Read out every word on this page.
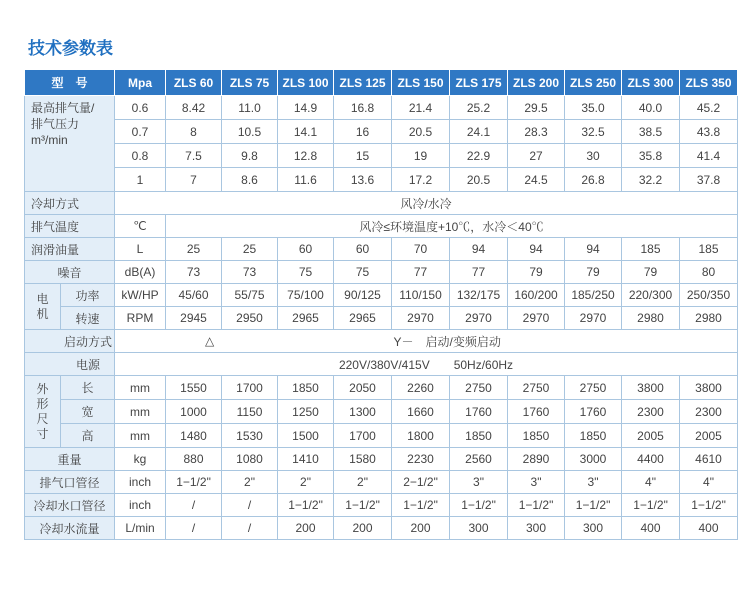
技术参数表
型　号		Mpa	ZLS 60	ZLS 75	ZLS 100	ZLS 125	ZLS 150	ZLS 175	ZLS 200	ZLS 250	ZLS 300	ZLS 350

最高排气量/
排气压力
m³/min		0.6	8.42	11.0	14.9	16.8	21.4	25.2	29.5	35.0	40.0	45.2
		0.7	8	10.5	14.1	16	20.5	24.1	28.3	32.5	38.5	43.8
		0.8	7.5	9.8	12.8	15	19	22.9	27	30	35.8	41.4
		1	7	8.6	11.6	13.6	17.2	20.5	24.5	26.8	32.2	37.8
冷却方式		风冷/水冷										
排气温度		℃	风冷≤环境温度+10℃，水冷＜40℃									
润滑油量		L	25	25	60	60	70	94	94	94	185	185
噪音		dB(A)	73	73	75	75	77	77	79	79	79	80

电
机	功率	kW/HP	45/60	55/75	75/100	90/125	110/150	132/175	160/200	185/250	220/300	250/350
	转速	RPM	2945	2950	2965	2965	2970	2970	2970	2970	2980	2980
启动方式		△					Y－　启动/变频启动					
电源		220V/380V/415V　　50Hz/60Hz										

外
形
尺
寸	长	mm	1550	1700	1850	2050	2260	2750	2750	2750	3800	3800
	宽	mm	1000	1150	1250	1300	1660	1760	1760	1760	2300	2300
	高	mm	1480	1530	1500	1700	1800	1850	1850	1850	2005	2005
重量		kg	880	1080	1410	1580	2230	2560	2890	3000	4400	4610
排气口管径		inch	1−1/2"	2"	2"	2"	2−1/2"	3"	3"	3"	4"	4"
冷却水口管径		inch	/	/	1−1/2"	1−1/2"	1−1/2"	1−1/2"	1−1/2"	1−1/2"	1−1/2"	1−1/2"
冷却水流量		L/min	/	/	200	200	200	300	300	300	400	400
